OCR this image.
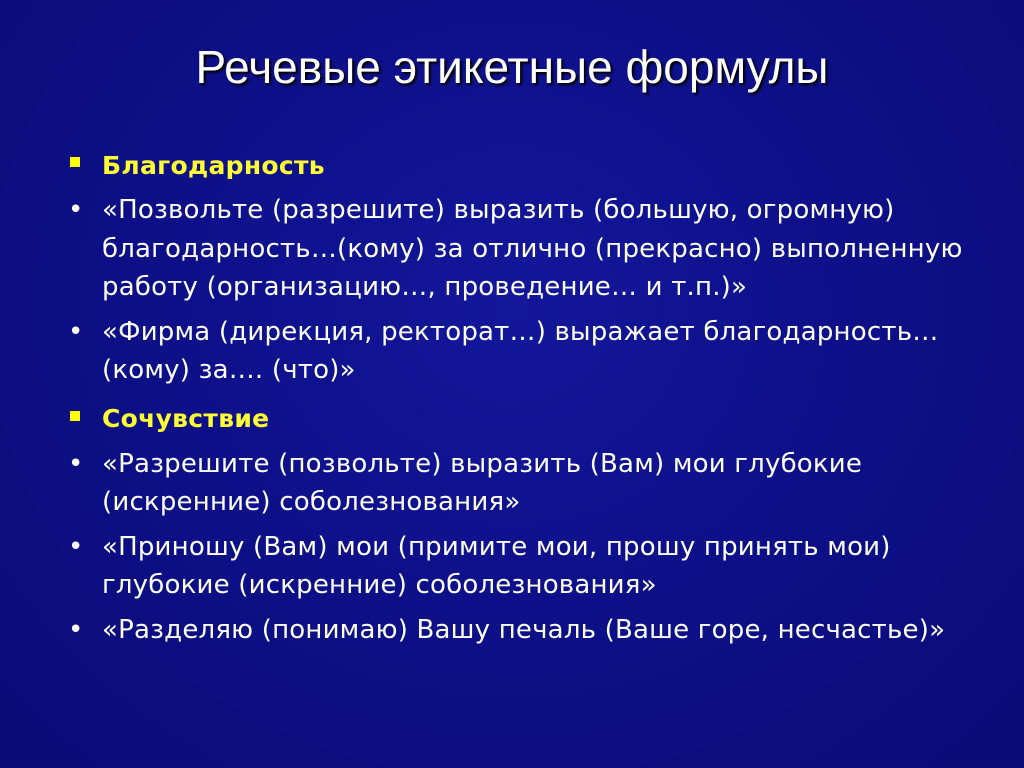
Речевые этикетные формулы
Благодарность
• «Позвольте (разрешите) выразить (большую, огромную) благодарность…(кому) за отлично (прекрасно) выполненную работу (организацию…, проведение… и т.п.)»
• «Фирма (дирекция, ректорат…) выражает благодарность… (кому) за…. (что)»
Сочувствие
• «Разрешите (позвольте) выразить (Вам) мои глубокие (искренние) соболезнования»
• «Приношу (Вам) мои (примите мои, прошу принять мои) глубокие (искренние) соболезнования»
• «Разделяю (понимаю) Вашу печаль (Ваше горе, несчастье)»
